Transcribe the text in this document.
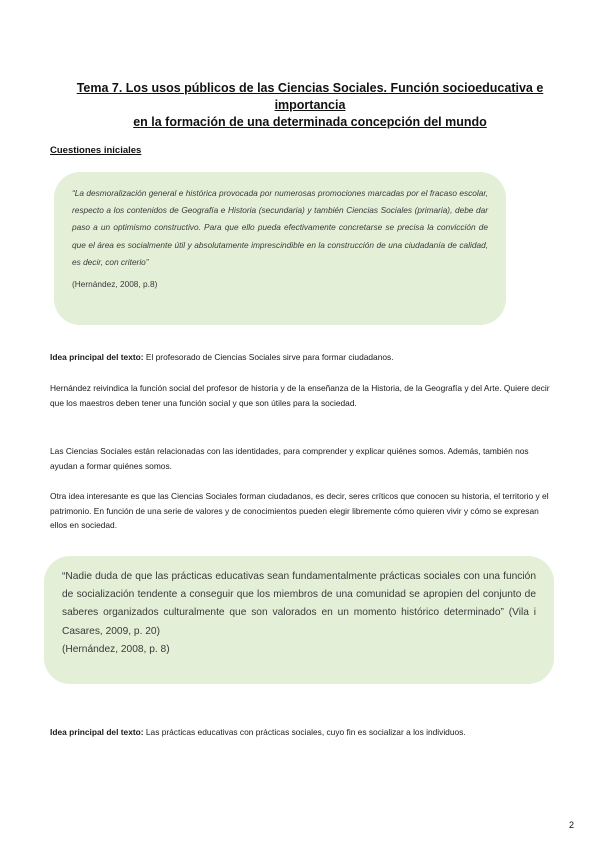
Tema 7. Los usos públicos de las Ciencias Sociales. Función socioeducativa e importancia
en la formación de una determinada concepción del mundo
Cuestiones iniciales

“La desmoralización general e histórica provocada por numerosas promociones marcadas por el fracaso escolar, respecto a los contenidos de Geografía e Historia (secundaria) y también Ciencias Sociales (primaria), debe dar paso a un optimismo constructivo. Para que ello pueda efectivamente concretarse se precisa la convicción de que el área es socialmente útil y absolutamente imprescindible en la construcción de una ciudadanía de calidad, es decir, con criterio”

(Hernández, 2008, p.8)

Idea principal del texto: El profesorado de Ciencias Sociales sirve para formar ciudadanos.

Hernández reivindica la función social del profesor de historia y de la enseñanza de la Historia, de la Geografía y del Arte. Quiere decir que los maestros deben tener una función social y que son útiles para la sociedad.

Las Ciencias Sociales están relacionadas con las identidades, para comprender y explicar quiénes somos. Además, también nos ayudan a formar quiénes somos.

Otra idea interesante es que las Ciencias Sociales forman ciudadanos, es decir, seres críticos que conocen su historia, el territorio y el patrimonio. En función de una serie de valores y de conocimientos pueden elegir libremente cómo quieren vivir y cómo se expresan ellos en sociedad.

“Nadie duda de que las prácticas educativas sean fundamentalmente prácticas sociales con una función de socialización tendente a conseguir que los miembros de una comunidad se apropien del conjunto de saberes organizados culturalmente que son valorados en un momento histórico determinado” (Vila i Casares, 2009, p. 20)

(Hernández, 2008, p. 8)

Idea principal del texto: Las prácticas educativas con prácticas sociales, cuyo fin es socializar a los individuos.

2
